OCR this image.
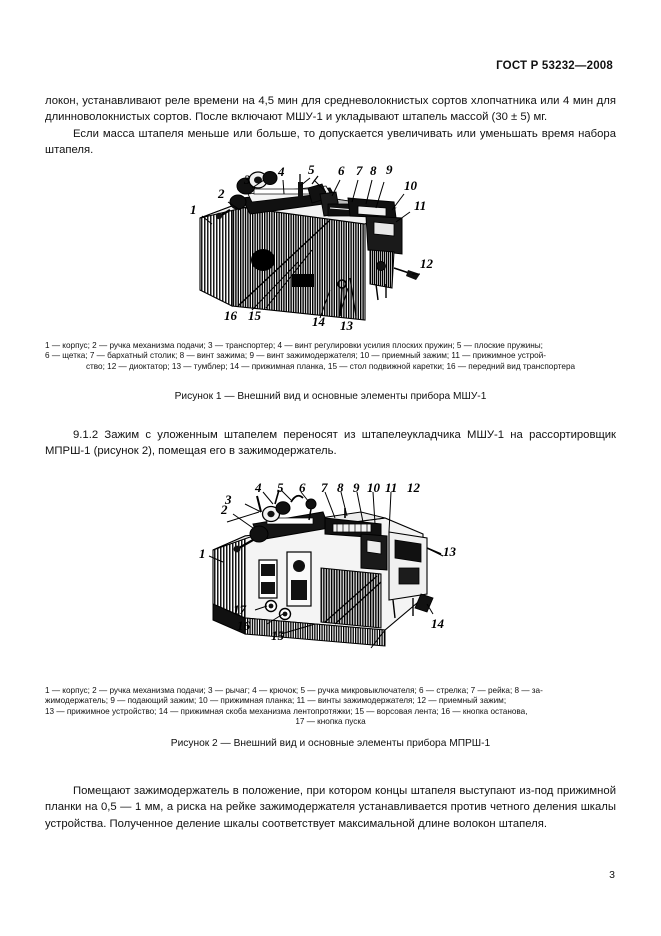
ГОСТ Р 53232—2008

локон, устанавливают реле времени на 4,5 мин для средневолокнистых сортов хлопчатника или 4 мин для длинноволокнистых сортов. После включают МШУ-1 и укладывают штапель массой (30 ± 5) мг.

Если масса штапеля меньше или больше, то допускается увеличивать или уменьшать время набора штапеля.

1
2
3
4 5 6 7 8 9
10
11
12
13
14
15
16

1 — корпус; 2 — ручка механизма подачи; 3 — транспортер; 4 — винт регулировки усилия плоских пружин; 5 — плоские пружины;

6 — щетка; 7 — бархатный столик; 8 — винт зажима; 9 — винт зажимодержателя; 10 — приемный зажим; 11 — прижимное устрой-

ство; 12 — диоктатор; 13 — тумблер; 14 — прижимная планка, 15 — стол подвижной каретки; 16 — передний вид транспортера

Рисунок 1 — Внешний вид и основные элементы прибора МШУ-1

9.1.2 Зажим с уложенным штапелем переносят из штапелеукладчика МШУ-1 на рассортировщик МПРШ-1 (рисунок 2), помещая его в зажимодержатель.

1
2
3
4 5 6 7 8 9 10 11 12
13
14
15
16
17

1 — корпус; 2 — ручка механизма подачи; 3 — рычаг; 4 — крючок; 5 — ручка микровыключателя; 6 — стрелка; 7 — рейка; 8 — за-

жимодержатель; 9 — подающий зажим; 10 — прижимная планка; 11 — винты зажимодержателя; 12 — приемный зажим;

13 — прижимное устройство; 14 — прижимная скоба механизма лентопротяжки; 15 — ворсовая лента; 16 — кнопка останова,

17 — кнопка пуска

Рисунок 2 — Внешний вид и основные элементы прибора МПРШ-1

Помещают зажимодержатель в положение, при котором концы штапеля выступают из-под прижимной планки на 0,5 — 1 мм, а риска на рейке зажимодержателя устанавливается против четного деления шкалы устройства. Полученное деление шкалы соответствует максимальной длине волокон штапеля.

3
